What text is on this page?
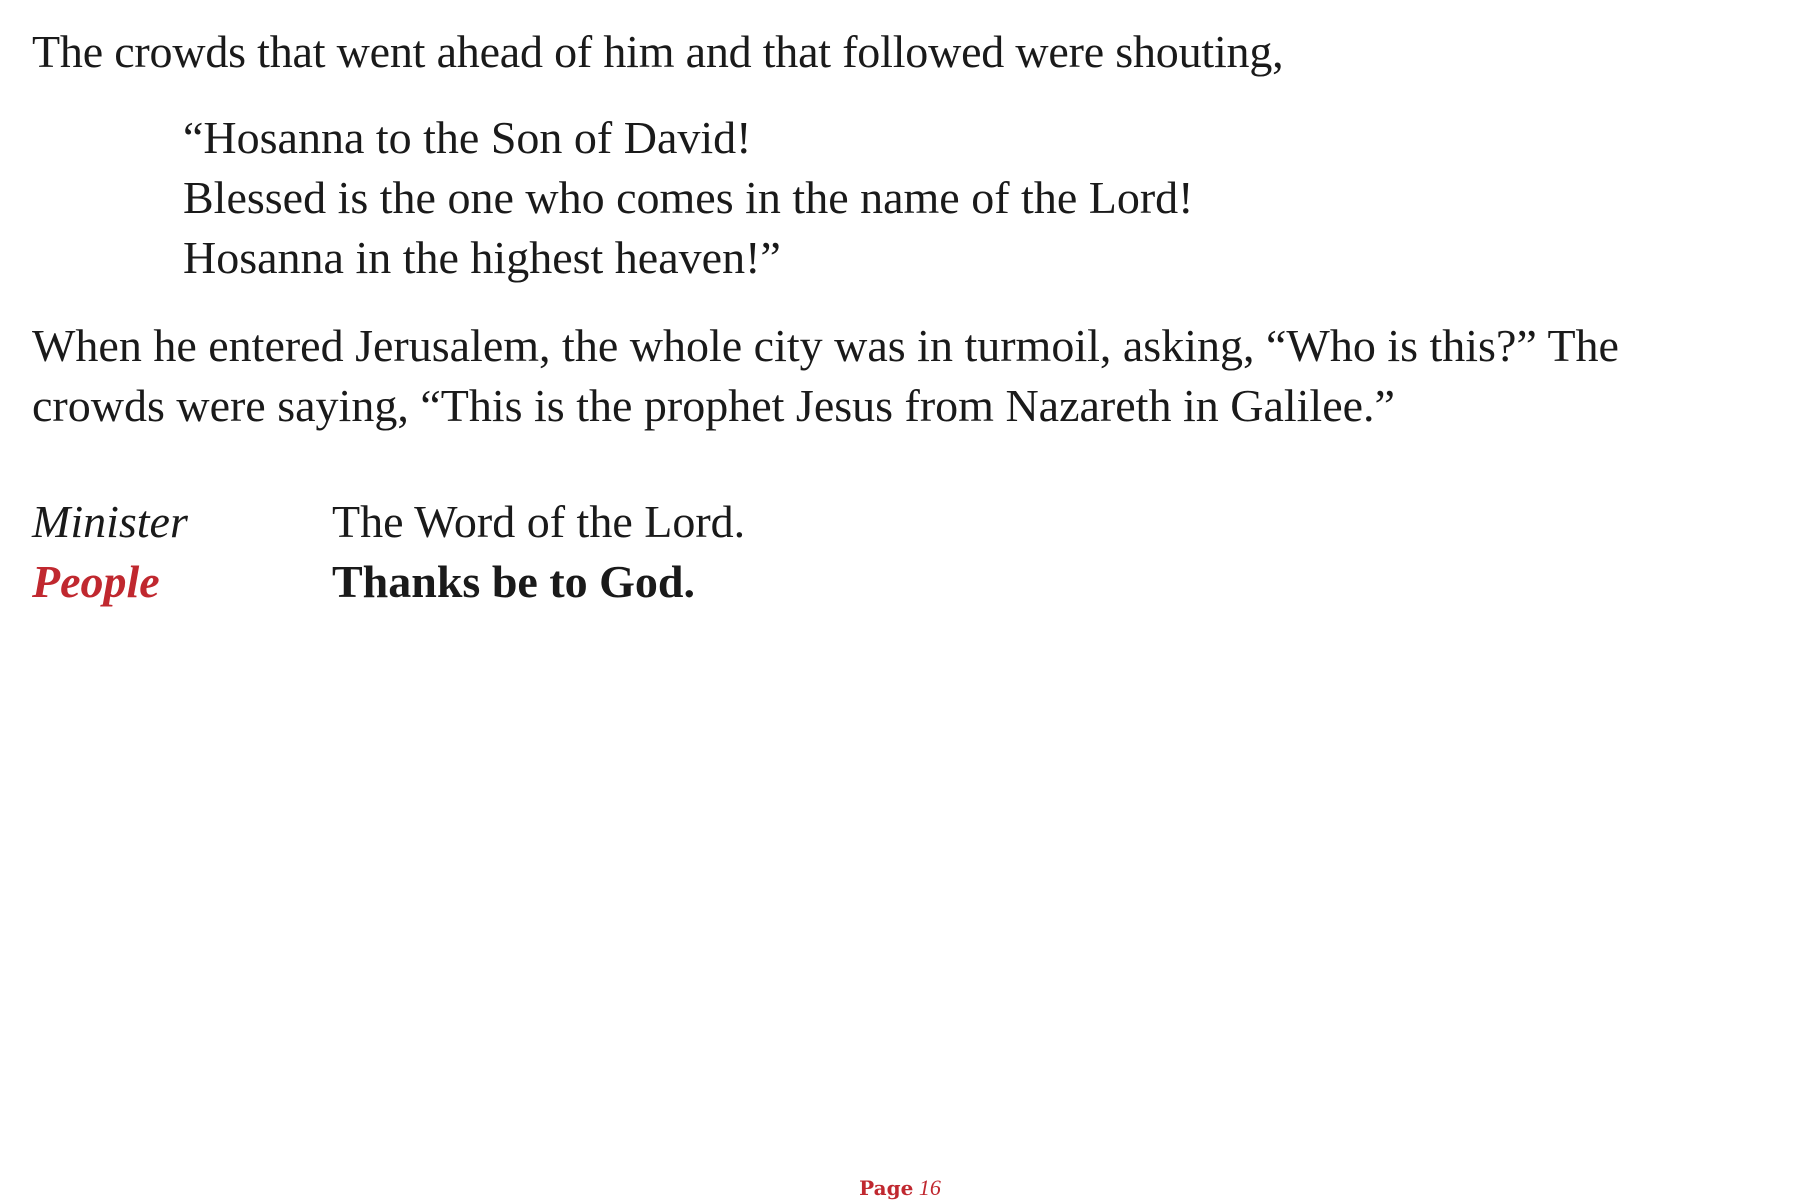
The crowds that went ahead of him and that followed were shouting,

“Hosanna to the Son of David!
Blessed is the one who comes in the name of the Lord!
Hosanna in the highest heaven!”

When he entered Jerusalem, the whole city was in turmoil, asking, “Who is this?” The crowds were saying, “This is the prophet Jesus from Nazareth in Galilee.”

Minister	The Word of the Lord.
People	Thanks be to God.
Page 16
